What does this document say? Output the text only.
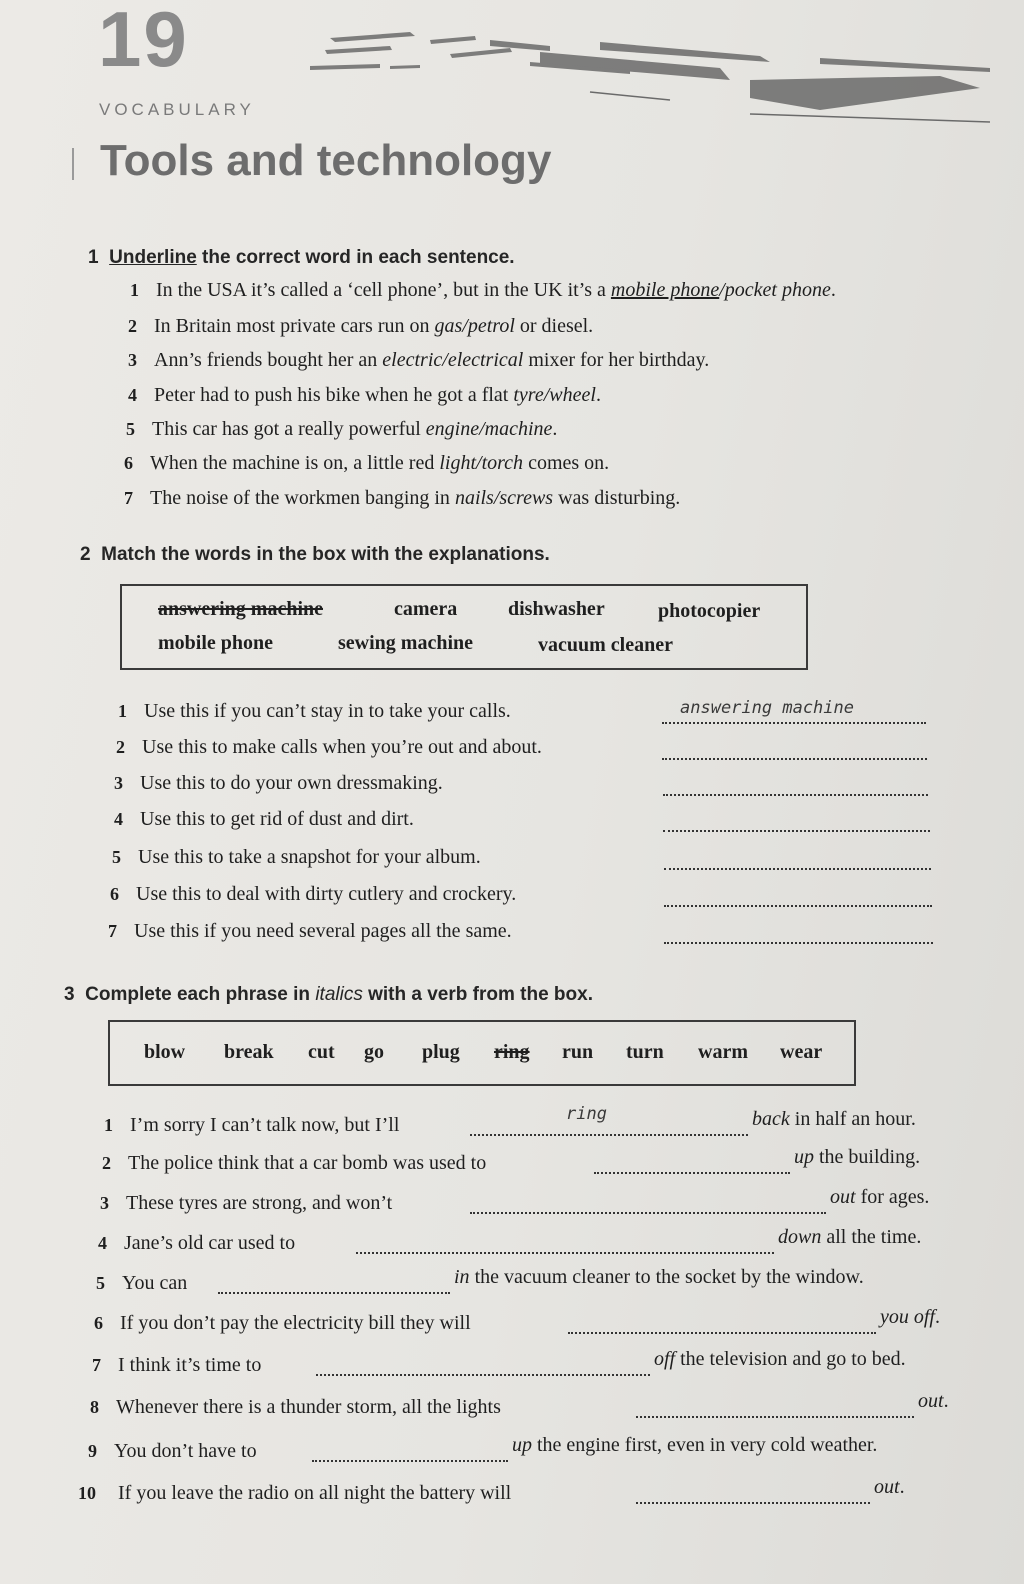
19
VOCABULARY
Tools and technology
1 Underline the correct word in each sentence.
1 In the USA it’s called a ‘cell phone’, but in the UK it’s a mobile phone/pocket phone.
2 In Britain most private cars run on gas/petrol or diesel.
3 Ann’s friends bought her an electric/electrical mixer for her birthday.
4 Peter had to push his bike when he got a flat tyre/wheel.
5 This car has got a really powerful engine/machine.
6 When the machine is on, a little red light/torch comes on.
7 The noise of the workmen banging in nails/screws was disturbing.
2 Match the words in the box with the explanations.
answering machine	camera	dishwasher	photocopier
mobile phone	sewing machine	vacuum cleaner
1 Use this if you can’t stay in to take your calls.	answering machine
2 Use this to make calls when you’re out and about.
3 Use this to do your own dressmaking.
4 Use this to get rid of dust and dirt.
5 Use this to take a snapshot for your album.
6 Use this to deal with dirty cutlery and crockery.
7 Use this if you need several pages all the same.
3 Complete each phrase in italics with a verb from the box.
blow break cut go plug ring run turn warm wear
1 I’m sorry I can’t talk now, but I’ll	ring	back in half an hour.
2 The police think that a car bomb was used to	up the building.
3 These tyres are strong, and won’t	out for ages.
4 Jane’s old car used to	down all the time.
5 You can	in the vacuum cleaner to the socket by the window.
6 If you don’t pay the electricity bill they will	you off.
7 I think it’s time to	off the television and go to bed.
8 Whenever there is a thunder storm, all the lights	out.
9 You don’t have to	up the engine first, even in very cold weather.
10 If you leave the radio on all night the battery will	out.
